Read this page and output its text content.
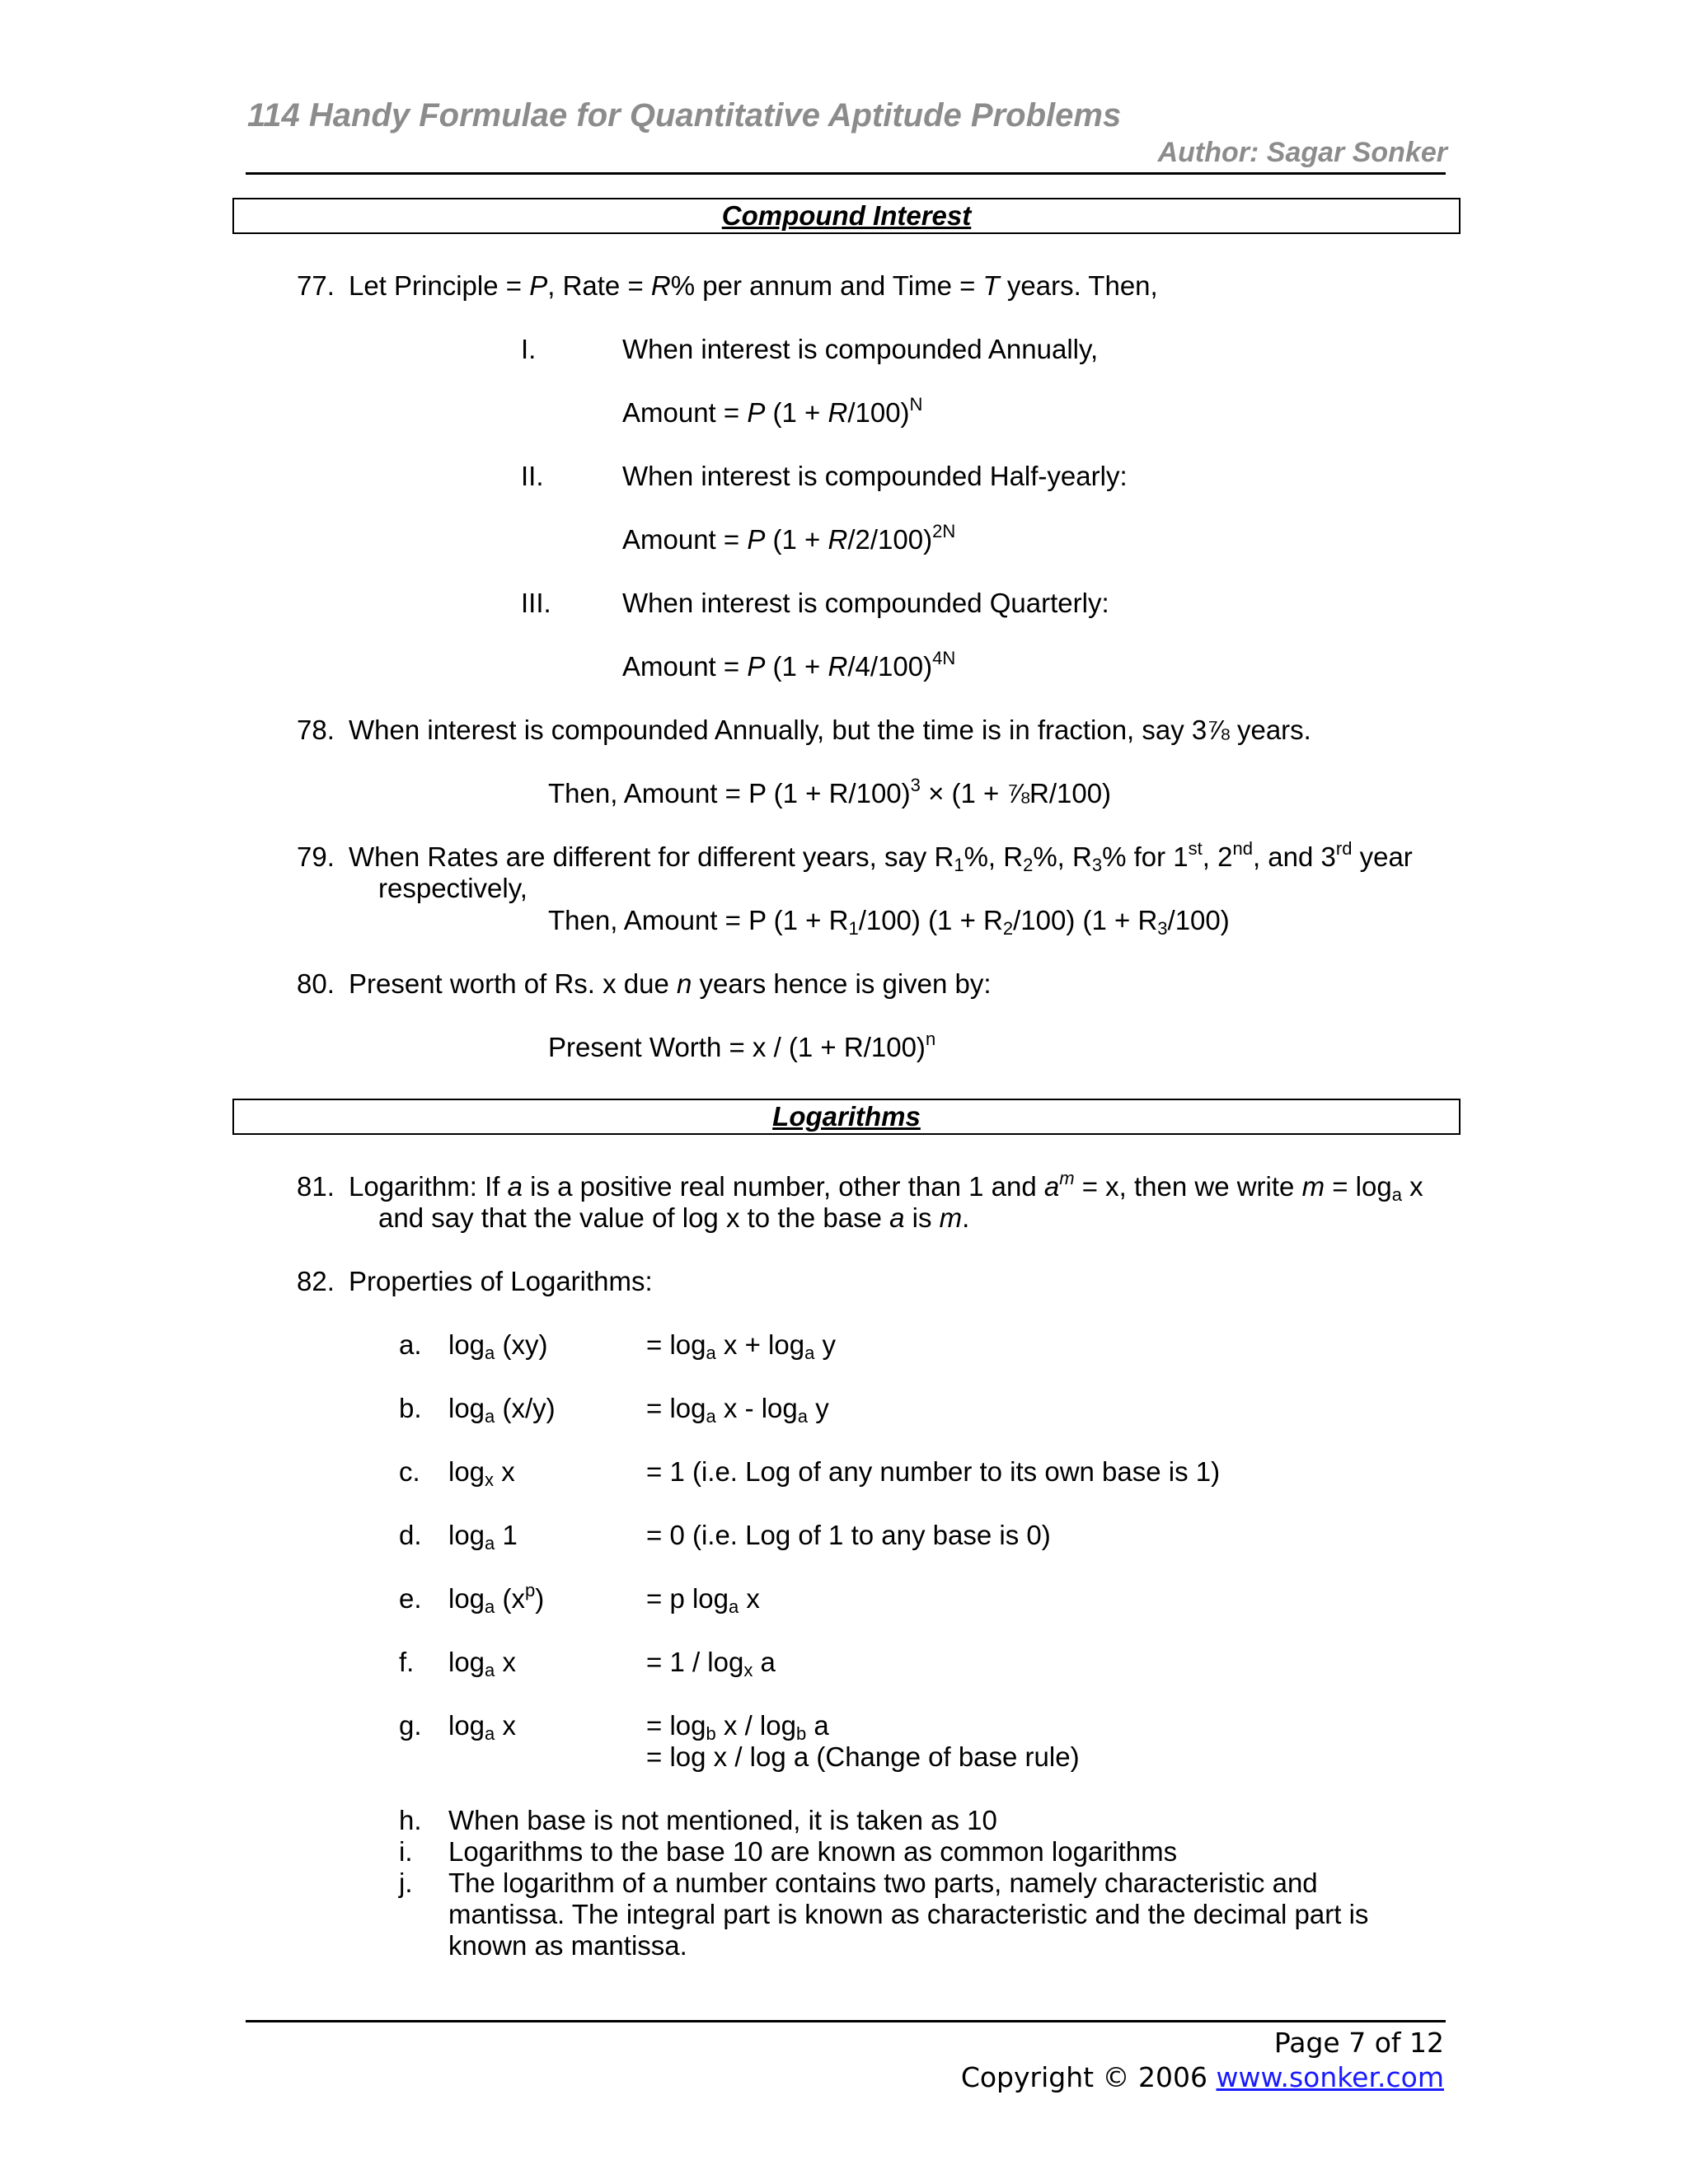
114 Handy Formulae for Quantitative Aptitude Problems
Author: Sagar Sonker
Compound Interest
77. Let Principle = P, Rate = R% per annum and Time = T years. Then,
I.	When interest is compounded Annually,
Amount = P $(1 + R/100)^N$
II.	When interest is compounded Half-yearly:
Amount = P $(1 + R/2/100)^{2N}$
III.	When interest is compounded Quarterly:
Amount = P $(1 + R/4/100)^{4N}$
78. When interest is compounded Annually, but the time is in fraction, say 3⅞ years.
Then, Amount = P $(1 + R/100)^3 \times (1$ + ⅞R/100)
79. When Rates are different for different years, say $R_1\%$, $R_2\%$, $R_3\%$ for 1st, 2nd, and 3rd year
respectively,
Then, Amount = P $(1 + R_1/100)$ $(1 + R_2/100)$ $(1 + R_3/100)$
80. Present worth of Rs. x due n years hence is given by:
Present Worth = $x / (1 + R/100)^n$
Logarithms
81. Logarithm: If a is a positive real number, other than 1 and $a^m = x$, then we write $m = \log_a x$
and say that the value of log x to the base a is m.
82. Properties of Logarithms:
a. $\log_a (xy)$	= $\log_a x + \log_a y$
b. $\log_a (x/y)$	= $\log_a x - \log_a y$
c. $\log_x x$	= 1 (i.e. Log of any number to its own base is 1)
d. $\log_a 1$	= 0 (i.e. Log of 1 to any base is 0)
e. $\log_a (x^p)$	= p $\log_a x$
f. $\log_a x$	= $1 / \log_x a$
g. $\log_a x$	= $\log_b x / \log_b a$
= log x / log a (Change of base rule)
h. When base is not mentioned, it is taken as 10
i. Logarithms to the base 10 are known as common logarithms
j. The logarithm of a number contains two parts, namely characteristic and
mantissa. The integral part is known as characteristic and the decimal part is
known as mantissa.
Page 7 of 12
Copyright © 2006 www.sonker.com
